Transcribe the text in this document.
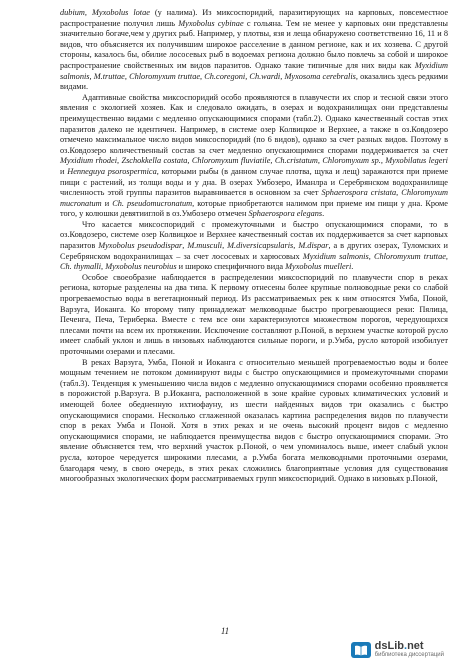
dubium, Myxobolus lotae (у налима). Из миксоспоридий, паразитирующих на карповых, повсеместное распространение получил лишь Myxobolus cybinae с гольяна. Тем не менее у карповых они представлены значительно богаче,чем у других рыб. Например, у плотвы, язя и леща обнаружено соответственно 16, 11 и 8 видов, что объясняется их получившим широкое расселение в данном регионе, как и их хозяева. С другой стороны, казалось бы, обилие лососевых рыб в водоемах региона должно было повлечь за собой и широкое распространение свойственных им видов паразитов. Однако такие типичные для них виды как Myxidium salmonis, M.truttae, Chloromyxum truttae, Ch.coregoni, Ch.wardi, Myxosoma cerebralis, оказались здесь редкими видами.

Адаптивные свойства миксоспоридий особо проявляются в плавучести их спор и тесной связи этого явления с экологией хозяев. Как и следовало ожидать, в озерах и водохранилищах они представлены преимущественно видами с медленно опускающимися спорами (табл.2). Однако качественный состав этих паразитов далеко не идентичен. Например, в системе озер Колвицкое и Верхнее, а также в оз.Ковдозеро отмечено максимальное число видов миксоспоридий (по 6 видов), однако за счет разных видов. Поэтому в оз.Ковдозеро количественный состав за счет медленно опускающимися спорами поддерживается за счет Myxidium rhodei, Zschokkella costata, Chloromyxum fluviatile, Ch.cristatum, Chloromyxum sp., Myxobilatus legeri и Henneguya psorospermica, которыми рыбы (в данном случае плотва, щука и лещ) заражаются при приеме пищи с растений, из толщи воды и у дна. В озерах Умбозеро, Иманлра и Серебрянском водохранилище численность этой группы паразитов выравнивается в основном за счет Sphaerospora cristata, Chloromyxum mucronatum и Ch. pseudomucronatum, которые приобретаются налимом при приеме им пищи у дна. Кроме того, у колюшки девятииглой в оз.Умбозеро отмечен Sphaerospora elegans.

Что касается миксоспоридий с промежуточными и быстро опускающимися спорами, то в оз.Ковдозеро, системе озер Колвицкое и Верхнее качественный состав их поддерживается за счет карповых паразитов Myxobolus pseudodispar, M.musculi, M.diversicapsularis, M.dispar, а в других озерах, Туломских и Серебрянском водохранилищах – за счет лососевых и харюсовых Myxidium salmonis, Chloromyxum truttae, Ch. thymalli, Myxobolus neurobius и широко специфичного вида Myxobolus muelleri.

Особое своеобразие наблюдается в распределении миксоспоридий по плавучести спор в реках региона, которые разделены на два типа. К первому отнесены более крупные полноводные реки со слабой прогреваемостью воды в вегетационный период. Из рассматриваемых рек к ним относятся Умба, Поной, Варзуга, Иоканга. Ко второму типу принадлежат мелководные быстро прогревающиеся реки: Пялица, Печенга, Печа, Териберка. Вместе с тем все они характеризуются множеством порогов, чередующихся плесами почти на всем их протяжении. Исключение составляют р.Поной, в верхнем участке которой русло имеет слабый уклон и лишь в низовьях наблюдаются сильные пороги, и р.Умба, русло которой изобилует проточными озерами и плесами.

В реках Варзуга, Умба, Поной и Иоканга с относительно меньшей прогреваемостью воды и более мощным течением не потоком доминируют виды с быстро опускающимися и промежуточными спорами (табл.3). Тенденция к уменьшению числа видов с медленно опускающимися спорами особенно проявляется в порожистой р.Варзуга. В р.Иоканга, расположенной в зоне крайне суровых климатических условий и имеющей более обедненную ихтиофауну, из шести найденных видов три оказались с быстро опускающимися спорами. Несколько сглаженной оказалась картина распределения видов по плавучести спор в реках Умба и Поной. Хотя в этих реках и не очень высокий процент видов с медленно опускающимися спорами, не наблюдается преимущества видов с быстро опускающимися спорами. Это явление объясняется тем, что верхний участок р.Поной, о чем упоминалось выше, имеет слабый уклон русла, которое чередуется широкими плесами, а р.Умба богата мелководными проточными озерами, благодаря чему, в свою очередь, в этих реках сложились благоприятные условия для существования многообразных экологических форм рассматриваемых групп миксоспоридий. Однако в низовьях р.Поной,

11
dsLib.net
библиотека диссертаций
